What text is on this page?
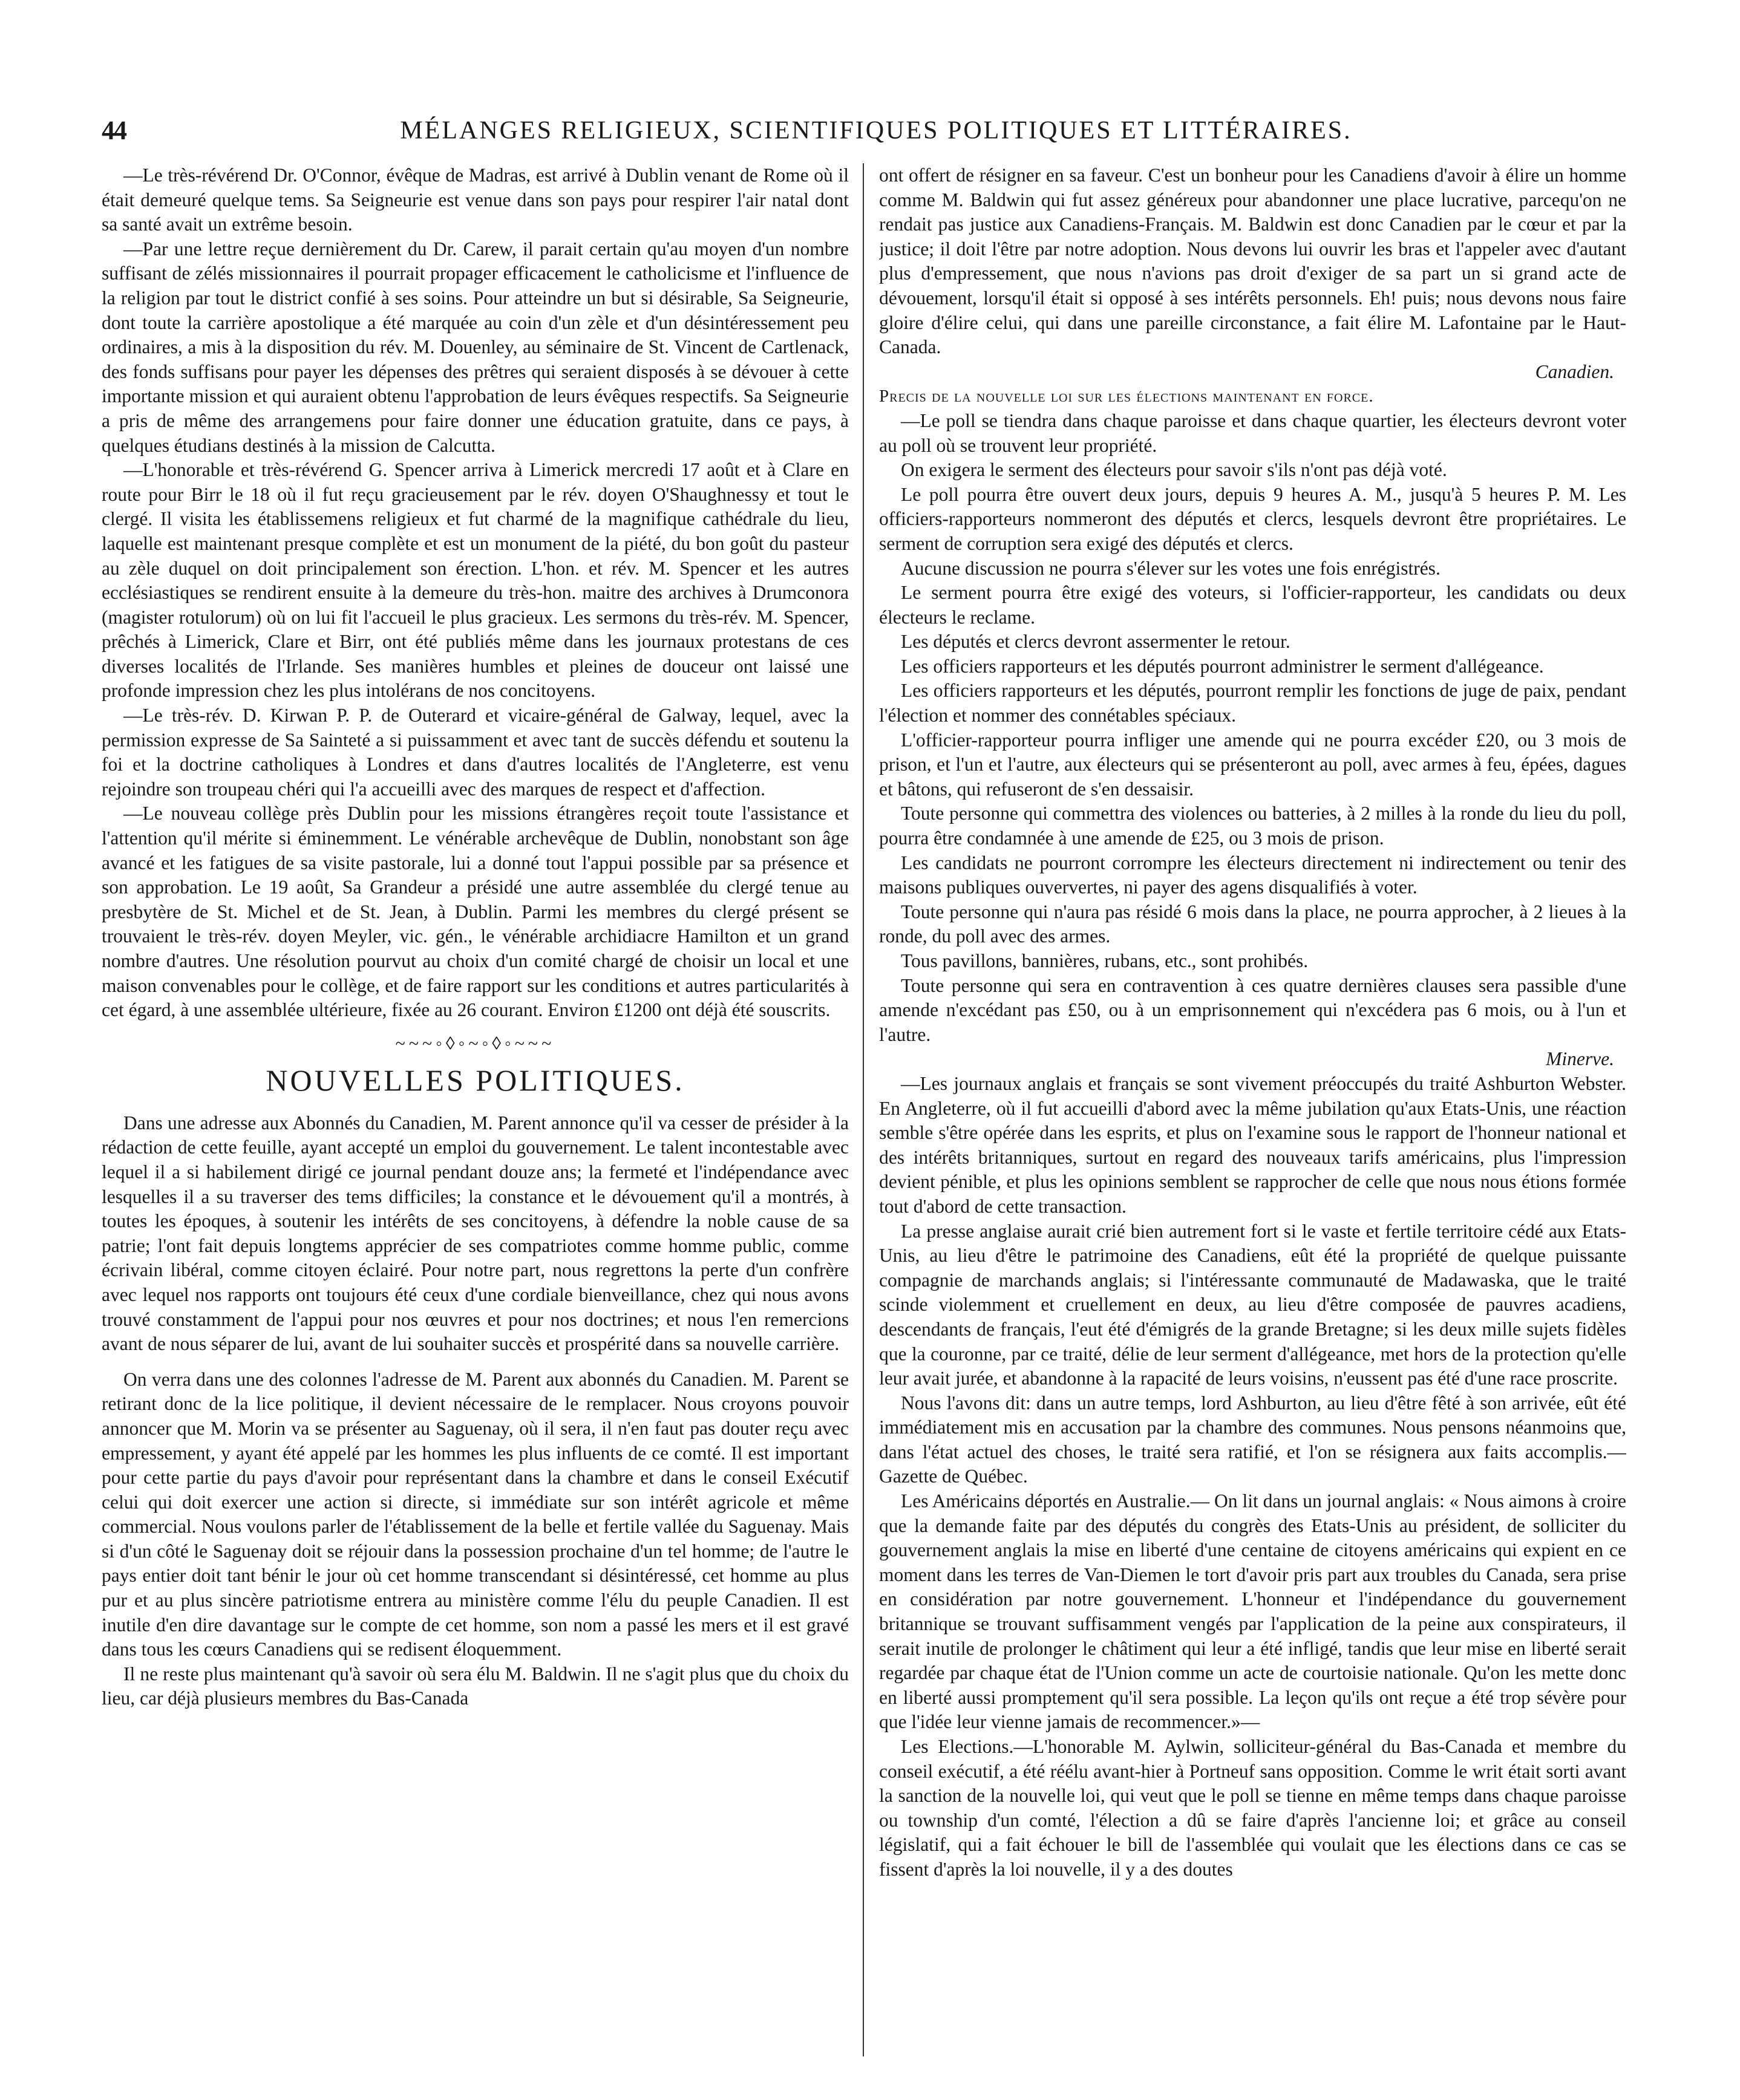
44	MÉLANGES RELIGIEUX, SCIENTIFIQUES POLITIQUES ET LITTÉRAIRES.

—Le très-révérend Dr. O'Connor, évêque de Madras, est arrivé à Dublin venant de Rome où il était demeuré quelque tems. Sa Seigneurie est venue dans son pays pour respirer l'air natal dont sa santé avait un extrême besoin.

—Par une lettre reçue dernièrement du Dr. Carew, il parait certain qu'au moyen d'un nombre suffisant de zélés missionnaires il pourrait propager efficacement le catholicisme et l'influence de la religion par tout le district confié à ses soins. Pour atteindre un but si désirable, Sa Seigneurie, dont toute la carrière apostolique a été marquée au coin d'un zèle et d'un désintéressement peu ordinaires, a mis à la disposition du rév. M. Douenley, au séminaire de St. Vincent de Cartlenack, des fonds suffisans pour payer les dépenses des prêtres qui seraient disposés à se dévouer à cette importante mission et qui auraient obtenu l'approbation de leurs évêques respectifs. Sa Seigneurie a pris de même des arrangemens pour faire donner une éducation gratuite, dans ce pays, à quelques étudians destinés à la mission de Calcutta.

—L'honorable et très-révérend G. Spencer arriva à Limerick mercredi 17 août et à Clare en route pour Birr le 18 où il fut reçu gracieusement par le rév. doyen O'Shaughnessy et tout le clergé. Il visita les établissemens religieux et fut charmé de la magnifique cathédrale du lieu, laquelle est maintenant presque complète et est un monument de la piété, du bon goût du pasteur au zèle duquel on doit principalement son érection. L'hon. et rév. M. Spencer et les autres ecclésiastiques se rendirent ensuite à la demeure du très-hon. maitre des archives à Drumconora (magister rotulorum) où on lui fit l'accueil le plus gracieux. Les sermons du très-rév. M. Spencer, prêchés à Limerick, Clare et Birr, ont été publiés même dans les journaux protestans de ces diverses localités de l'Irlande. Ses manières humbles et pleines de douceur ont laissé une profonde impression chez les plus intolérans de nos concitoyens.

—Le très-rév. D. Kirwan P. P. de Outerard et vicaire-général de Galway, lequel, avec la permission expresse de Sa Sainteté a si puissamment et avec tant de succès défendu et soutenu la foi et la doctrine catholiques à Londres et dans d'autres localités de l'Angleterre, est venu rejoindre son troupeau chéri qui l'a accueilli avec des marques de respect et d'affection.

—Le nouveau collège près Dublin pour les missions étrangères reçoit toute l'assistance et l'attention qu'il mérite si éminemment. Le vénérable archevêque de Dublin, nonobstant son âge avancé et les fatigues de sa visite pastorale, lui a donné tout l'appui possible par sa présence et son approbation. Le 19 août, Sa Grandeur a présidé une autre assemblée du clergé tenue au presbytère de St. Michel et de St. Jean, à Dublin. Parmi les membres du clergé présent se trouvaient le très-rév. doyen Meyler, vic. gén., le vénérable archidiacre Hamilton et un grand nombre d'autres. Une résolution pourvut au choix d'un comité chargé de choisir un local et une maison convenables pour le collège, et de faire rapport sur les conditions et autres particularités à cet égard, à une assemblée ultérieure, fixée au 26 courant. Environ £1200 ont déjà été souscrits.

~~~◦◊◦~◦◊◦~~~
NOUVELLES POLITIQUES.

Dans une adresse aux Abonnés du Canadien, M. Parent annonce qu'il va cesser de présider à la rédaction de cette feuille, ayant accepté un emploi du gouvernement. Le talent incontestable avec lequel il a si habilement dirigé ce journal pendant douze ans; la fermeté et l'indépendance avec lesquelles il a su traverser des tems difficiles; la constance et le dévouement qu'il a montrés, à toutes les époques, à soutenir les intérêts de ses concitoyens, à défendre la noble cause de sa patrie; l'ont fait depuis longtems apprécier de ses compatriotes comme homme public, comme écrivain libéral, comme citoyen éclairé. Pour notre part, nous regrettons la perte d'un confrère avec lequel nos rapports ont toujours été ceux d'une cordiale bienveillance, chez qui nous avons trouvé constamment de l'appui pour nos œuvres et pour nos doctrines; et nous l'en remercions avant de nous séparer de lui, avant de lui souhaiter succès et prospérité dans sa nouvelle carrière.

On verra dans une des colonnes l'adresse de M. Parent aux abonnés du Canadien. M. Parent se retirant donc de la lice politique, il devient nécessaire de le remplacer. Nous croyons pouvoir annoncer que M. Morin va se présenter au Saguenay, où il sera, il n'en faut pas douter reçu avec empressement, y ayant été appelé par les hommes les plus influents de ce comté. Il est important pour cette partie du pays d'avoir pour représentant dans la chambre et dans le conseil Exécutif celui qui doit exercer une action si directe, si immédiate sur son intérêt agricole et même commercial. Nous voulons parler de l'établissement de la belle et fertile vallée du Saguenay. Mais si d'un côté le Saguenay doit se réjouir dans la possession prochaine d'un tel homme; de l'autre le pays entier doit tant bénir le jour où cet homme transcendant si désintéressé, cet homme au plus pur et au plus sincère patriotisme entrera au ministère comme l'élu du peuple Canadien. Il est inutile d'en dire davantage sur le compte de cet homme, son nom a passé les mers et il est gravé dans tous les cœurs Canadiens qui se redisent éloquemment.

Il ne reste plus maintenant qu'à savoir où sera élu M. Baldwin. Il ne s'agit plus que du choix du lieu, car déjà plusieurs membres du Bas-Canada

ont offert de résigner en sa faveur. C'est un bonheur pour les Canadiens d'avoir à élire un homme comme M. Baldwin qui fut assez généreux pour abandonner une place lucrative, parcequ'on ne rendait pas justice aux Canadiens-Français. M. Baldwin est donc Canadien par le cœur et par la justice; il doit l'être par notre adoption. Nous devons lui ouvrir les bras et l'appeler avec d'autant plus d'empressement, que nous n'avions pas droit d'exiger de sa part un si grand acte de dévouement, lorsqu'il était si opposé à ses intérêts personnels. Eh! puis; nous devons nous faire gloire d'élire celui, qui dans une pareille circonstance, a fait élire M. Lafontaine par le Haut-Canada.

Canadien.

Precis de la nouvelle loi sur les élections maintenant en force.

—Le poll se tiendra dans chaque paroisse et dans chaque quartier, les électeurs devront voter au poll où se trouvent leur propriété.

On exigera le serment des électeurs pour savoir s'ils n'ont pas déjà voté.

Le poll pourra être ouvert deux jours, depuis 9 heures A. M., jusqu'à 5 heures P. M. Les officiers-rapporteurs nommeront des députés et clercs, lesquels devront être propriétaires. Le serment de corruption sera exigé des députés et clercs.

Aucune discussion ne pourra s'élever sur les votes une fois enrégistrés.

Le serment pourra être exigé des voteurs, si l'officier-rapporteur, les candidats ou deux électeurs le reclame.

Les députés et clercs devront assermenter le retour.

Les officiers rapporteurs et les députés pourront administrer le serment d'allégeance.

Les officiers rapporteurs et les députés, pourront remplir les fonctions de juge de paix, pendant l'élection et nommer des connétables spéciaux.

L'officier-rapporteur pourra infliger une amende qui ne pourra excéder £20, ou 3 mois de prison, et l'un et l'autre, aux électeurs qui se présenteront au poll, avec armes à feu, épées, dagues et bâtons, qui refuseront de s'en dessaisir.

Toute personne qui commettra des violences ou batteries, à 2 milles à la ronde du lieu du poll, pourra être condamnée à une amende de £25, ou 3 mois de prison.

Les candidats ne pourront corrompre les électeurs directement ni indirectement ou tenir des maisons publiques ouververtes, ni payer des agens disqualifiés à voter.

Toute personne qui n'aura pas résidé 6 mois dans la place, ne pourra approcher, à 2 lieues à la ronde, du poll avec des armes.

Tous pavillons, bannières, rubans, etc., sont prohibés.

Toute personne qui sera en contravention à ces quatre dernières clauses sera passible d'une amende n'excédant pas £50, ou à un emprisonnement qui n'excédera pas 6 mois, ou à l'un et l'autre.

Minerve.

—Les journaux anglais et français se sont vivement préoccupés du traité Ashburton Webster. En Angleterre, où il fut accueilli d'abord avec la même jubilation qu'aux Etats-Unis, une réaction semble s'être opérée dans les esprits, et plus on l'examine sous le rapport de l'honneur national et des intérêts britanniques, surtout en regard des nouveaux tarifs américains, plus l'impression devient pénible, et plus les opinions semblent se rapprocher de celle que nous nous étions formée tout d'abord de cette transaction.

La presse anglaise aurait crié bien autrement fort si le vaste et fertile territoire cédé aux Etats-Unis, au lieu d'être le patrimoine des Canadiens, eût été la propriété de quelque puissante compagnie de marchands anglais; si l'intéressante communauté de Madawaska, que le traité scinde violemment et cruellement en deux, au lieu d'être composée de pauvres acadiens, descendants de français, l'eut été d'émigrés de la grande Bretagne; si les deux mille sujets fidèles que la couronne, par ce traité, délie de leur serment d'allégeance, met hors de la protection qu'elle leur avait jurée, et abandonne à la rapacité de leurs voisins, n'eussent pas été d'une race proscrite.

Nous l'avons dit: dans un autre temps, lord Ashburton, au lieu d'être fêté à son arrivée, eût été immédiatement mis en accusation par la chambre des communes. Nous pensons néanmoins que, dans l'état actuel des choses, le traité sera ratifié, et l'on se résignera aux faits accomplis.— Gazette de Québec.

Les Américains déportés en Australie.— On lit dans un journal anglais: « Nous aimons à croire que la demande faite par des députés du congrès des Etats-Unis au président, de solliciter du gouvernement anglais la mise en liberté d'une centaine de citoyens américains qui expient en ce moment dans les terres de Van-Diemen le tort d'avoir pris part aux troubles du Canada, sera prise en considération par notre gouvernement. L'honneur et l'indépendance du gouvernement britannique se trouvant suffisamment vengés par l'application de la peine aux conspirateurs, il serait inutile de prolonger le châtiment qui leur a été infligé, tandis que leur mise en liberté serait regardée par chaque état de l'Union comme un acte de courtoisie nationale. Qu'on les mette donc en liberté aussi promptement qu'il sera possible. La leçon qu'ils ont reçue a été trop sévère pour que l'idée leur vienne jamais de recommencer.»—

Les Elections.—L'honorable M. Aylwin, solliciteur-général du Bas-Canada et membre du conseil exécutif, a été réélu avant-hier à Portneuf sans opposition. Comme le writ était sorti avant la sanction de la nouvelle loi, qui veut que le poll se tienne en même temps dans chaque paroisse ou township d'un comté, l'élection a dû se faire d'après l'ancienne loi; et grâce au conseil législatif, qui a fait échouer le bill de l'assemblée qui voulait que les élections dans ce cas se fissent d'après la loi nouvelle, il y a des doutes
